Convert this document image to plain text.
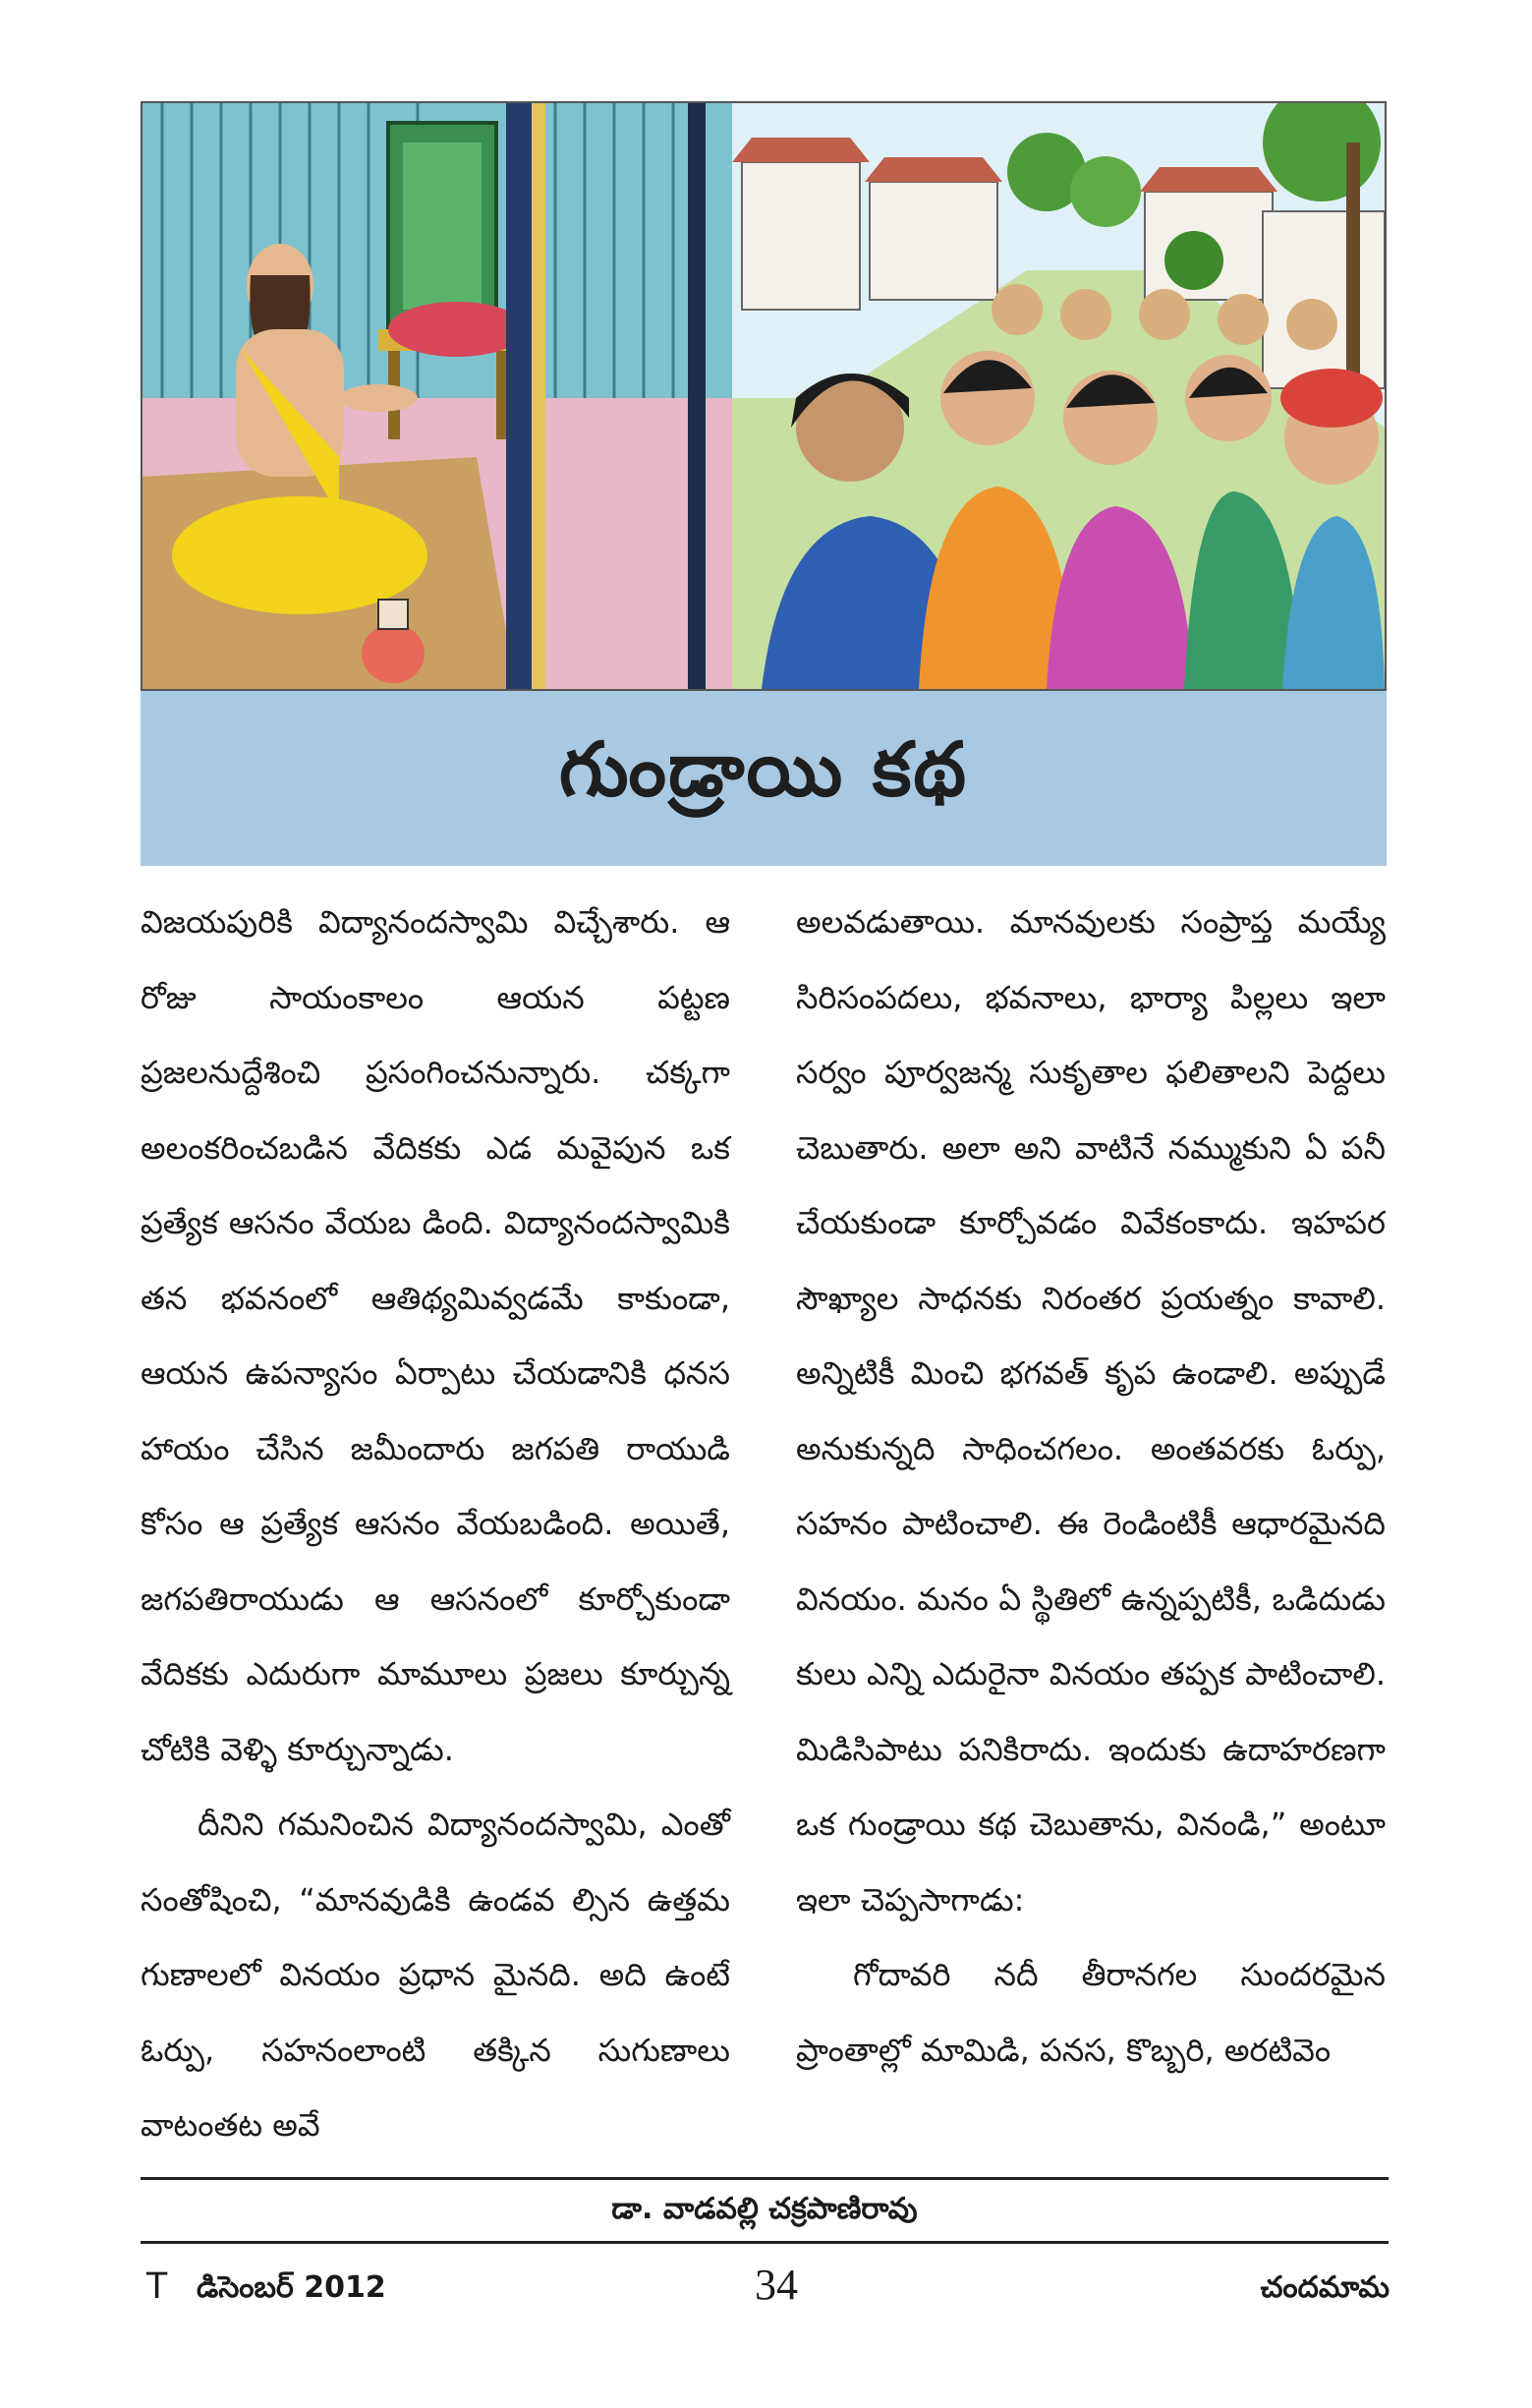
గుండ్రాయి కథ

విజయపురికి విద్యానందస్వామి విచ్చేశారు. ఆ రోజు సాయంకాలం ఆయన పట్టణ ప్రజలనుద్దేశించి ప్రసంగించనున్నారు. చక్కగా అలంకరించబడిన వేదికకు ఎడ మవైపున ఒక ప్రత్యేక ఆసనం వేయబ డింది. విద్యానందస్వామికి తన భవనంలో ఆతిథ్యమివ్వడమే కాకుండా, ఆయన ఉపన్యాసం ఏర్పాటు చేయడానికి ధనస హాయం చేసిన జమీందారు జగపతి రాయుడి కోసం ఆ ప్రత్యేక ఆసనం వేయబడింది. అయితే, జగపతిరాయుడు ఆ ఆసనంలో కూర్చోకుండా వేదికకు ఎదురుగా మామూలు ప్రజలు కూర్చున్న చోటికి వెళ్ళి కూర్చున్నాడు.

దీనిని గమనించిన విద్యానందస్వామి, ఎంతో సంతోషించి, “మానవుడికి ఉండవ ల్సిన ఉత్తమ గుణాలలో వినయం ప్రధాన మైనది. అది ఉంటే ఓర్పు, సహనంలాంటి తక్కిన సుగుణాలు వాటంతట అవే

అలవడుతాయి. మానవులకు సంప్రాప్త మయ్యే సిరిసంపదలు, భవనాలు, భార్యా పిల్లలు ఇలా సర్వం పూర్వజన్మ సుకృతాల ఫలితాలని పెద్దలు చెబుతారు. అలా అని వాటినే నమ్ముకుని ఏ పనీ చేయకుండా కూర్చోవడం వివేకంకాదు. ఇహపర సౌఖ్యాల సాధనకు నిరంతర ప్రయత్నం కావాలి. అన్నిటికీ మించి భగవత్ కృప ఉండాలి. అప్పుడే అనుకున్నది సాధించగలం. అంతవరకు ఓర్పు, సహనం పాటించాలి. ఈ రెండింటికీ ఆధారమైనది వినయం. మనం ఏ స్థితిలో ఉన్నప్పటికీ, ఒడిదుడు కులు ఎన్ని ఎదురైనా వినయం తప్పక పాటించాలి. మిడిసిపాటు పనికిరాదు. ఇందుకు ఉదాహరణగా ఒక గుండ్రాయి కథ చెబుతాను, వినండి,” అంటూ ఇలా చెప్పసాగాడు:

గోదావరి నదీ తీరానగల సుందరమైన ప్రాంతాల్లో మామిడి, పనస, కొబ్బరి, అరటివెం

డా. వాడవల్లి చక్రపాణిరావు
T డిసెంబర్ 2012	34	చందమామ
